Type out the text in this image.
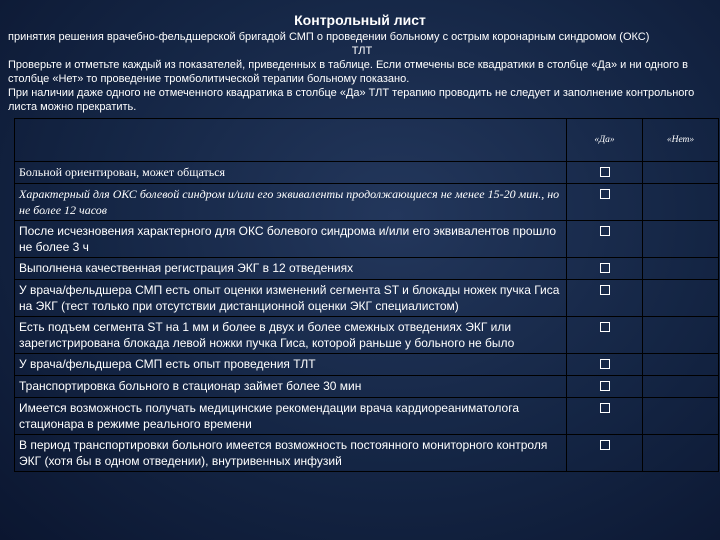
Контрольный лист

принятия решения врачебно-фельдшерской бригадой СМП о проведении больному с острым коронарным синдромом (ОКС)

ТЛТ

Проверьте и отметьте каждый из показателей, приведенных в таблице. Если отмечены все квадратики в столбце «Да» и ни одного в столбце «Нет» то проведение тромболитической терапии больному показано.

При наличии даже одного не отмеченного квадратика в столбце «Да» ТЛТ терапию проводить не следует и заполнение контрольного листа можно прекратить.

	«Да»	«Нет»
Больной ориентирован, может общаться		
Характерный для ОКС болевой синдром и/или его эквиваленты продолжающиеся не менее 15-20 мин., но не более 12 часов		
После исчезновения характерного для ОКС болевого синдрома и/или его эквивалентов прошло не более 3 ч		
Выполнена качественная регистрация ЭКГ в 12 отведениях		
У врача/фельдшера СМП есть опыт оценки изменений сегмента ST и блокады ножек пучка Гиса на ЭКГ (тест только при отсутствии дистанционной оценки ЭКГ специалистом)		
Есть подъем сегмента ST на 1 мм и более в двух и более смежных отведениях ЭКГ или зарегистрирована блокада левой ножки пучка Гиса, которой раньше у больного не было		
У врача/фельдшера СМП есть опыт проведения ТЛТ		
Транспортировка больного в стационар займет более 30 мин		
Имеется возможность получать медицинские рекомендации врача кардиореаниматолога стационара в режиме реального времени		
В период транспортировки больного имеется возможность постоянного мониторного контроля ЭКГ (хотя бы в одном отведении), внутривенных инфузий		
